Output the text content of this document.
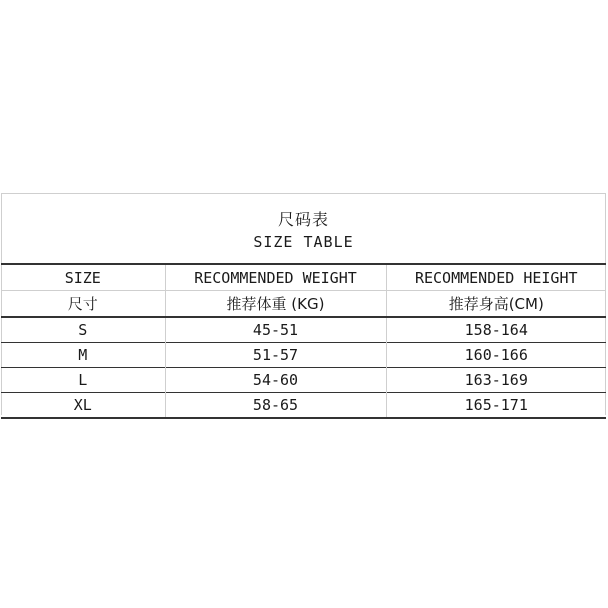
尺码表
SIZE TABLE
SIZE	RECOMMENDED WEIGHT	RECOMMENDED HEIGHT
尺寸	推荐体重 (KG)	推荐身高(CM)
S	45-51	158-164
M	51-57	160-166
L	54-60	163-169
XL	58-65	165-171
